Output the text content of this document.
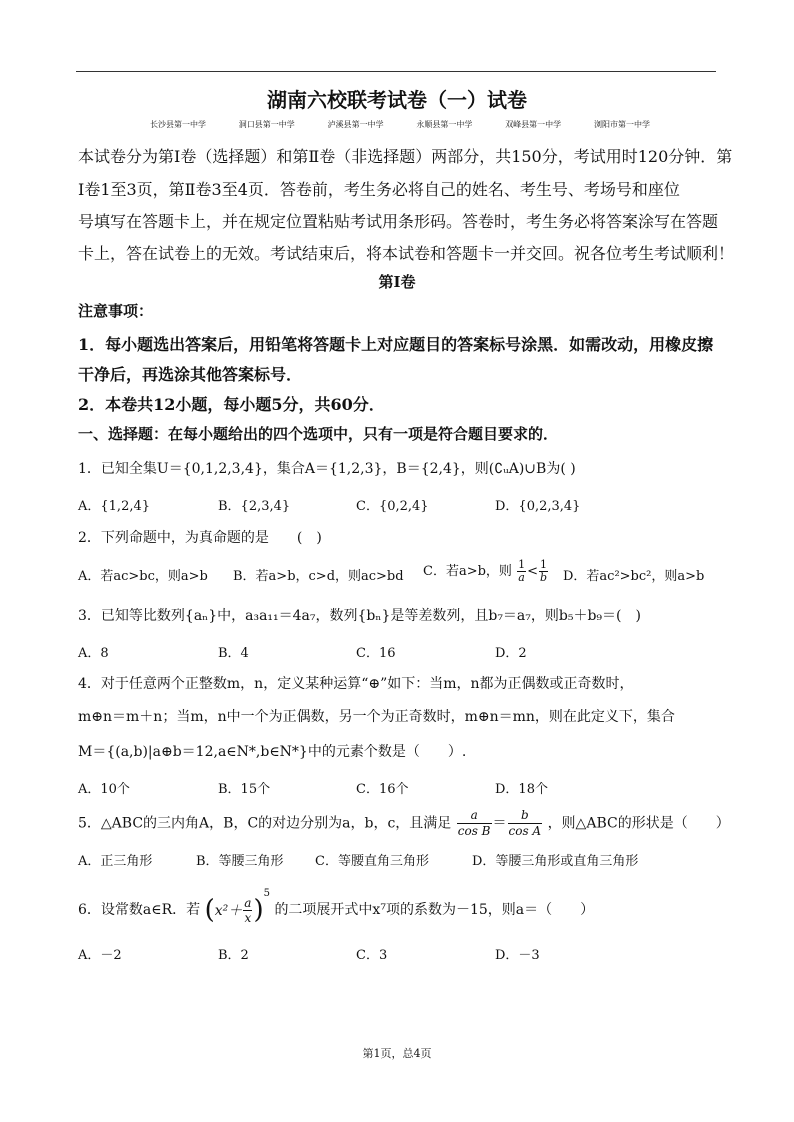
湖南六校联考试卷（一）试卷
长沙县第一中学	洞口县第一中学	泸溪县第一中学	永顺县第一中学	双峰县第一中学	浏阳市第一中学
本试卷分为第Ⅰ卷（选择题）和第Ⅱ卷（非选择题）两部分，共150分，考试用时120分钟．第
Ⅰ卷1至3页，第Ⅱ卷3至4页．答卷前，考生务必将自己的姓名、考生号、考场号和座位
号填写在答题卡上，并在规定位置粘贴考试用条形码。答卷时，考生务必将答案涂写在答题
卡上，答在试卷上的无效。考试结束后，将本试卷和答题卡一并交回。祝各位考生考试顺利！
第Ⅰ卷
注意事项：
1．每小题选出答案后，用铅笔将答题卡上对应题目的答案标号涂黑．如需改动，用橡皮擦
干净后，再选涂其他答案标号．
2．本卷共12小题，每小题5分，共60分．
一、选择题：在每小题给出的四个选项中，只有一项是符合题目要求的．
1．已知全集U＝{0,1,2,3,4}，集合A＝{1,2,3}，B＝{2,4}，则(∁ᵤA)∪B为( )
A．{1,2,4}	B．{2,3,4}	C．{0,2,4}	D．{0,2,3,4}
2．下列命题中，为真命题的是　　(　)
A．若ac>bc，则a>b B．若a>b，c>d，则ac>bd C．若a>b，则 $\frac{1}{a} < \frac{1}{b}$ D．若ac²>bc²，则a>b
3．已知等比数列{aₙ}中，a₃a₁₁＝4a₇，数列{bₙ}是等差数列，且b₇＝a₇，则b₅＋b₉＝(　)
A．8	B．4	C．16	D．2
4．对于任意两个正整数m，n，定义某种运算“⊕”如下：当m，n都为正偶数或正奇数时，
m⊕n＝m＋n；当m，n中一个为正偶数，另一个为正奇数时，m⊕n＝mn，则在此定义下，集合
M＝{(a,b)|a⊕b＝12,a∈N*,b∈N*}中的元素个数是（　　）.
A．10个	B．15个	C．16个	D．18个
5．△ABC的三内角A，B，C的对边分别为a，b，c，且满足 $\frac{a}{\text{cos B}} = \frac{b}{\text{cos A}}$ ，则△ABC的形状是（　　）
A．正三角形	B．等腰三角形 C．等腰直角三角形	D．等腰三角形或直角三角形
6．设常数a∈R．若 $(x^2+ \frac{a}{x} )^5$ 的二项展开式中x⁷项的系数为－15，则a＝（　　）
A．－2	B．2	C．3	D．－3
第1页，总4页
